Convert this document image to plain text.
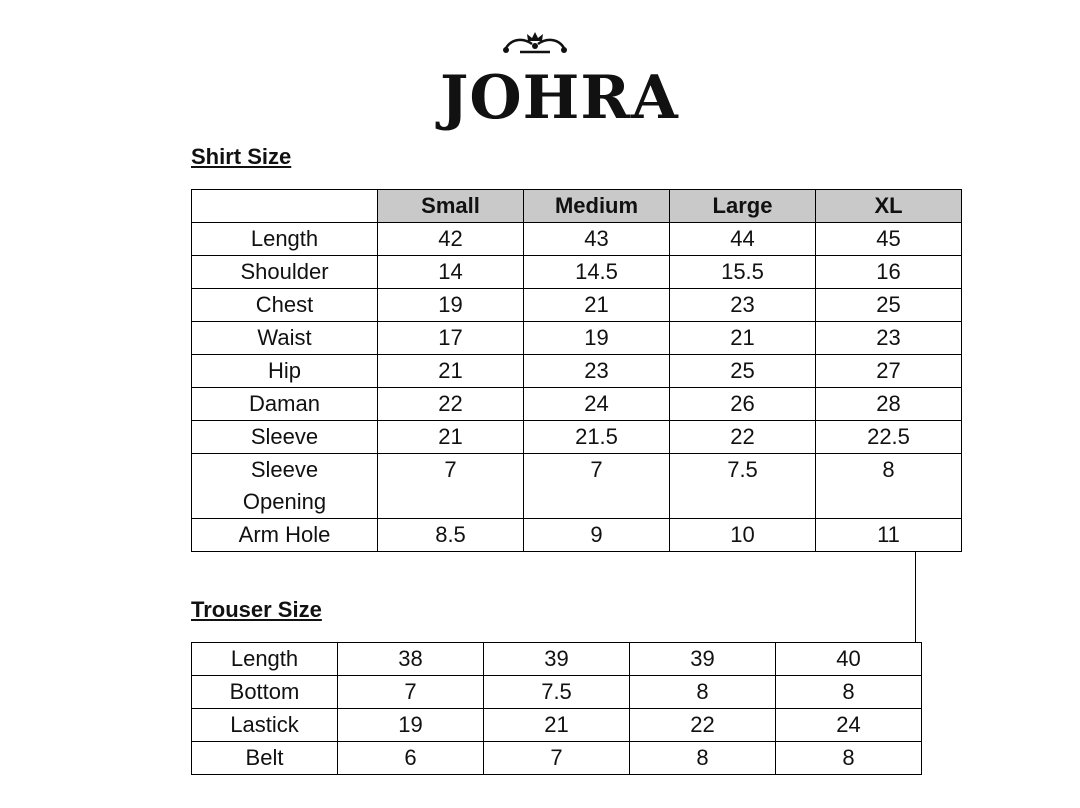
JOHRA
Shirt Size
	Small	Medium	Large	XL
Length	42	43	44	45
Shoulder	14	14.5	15.5	16
Chest	19	21	23	25
Waist	17	19	21	23
Hip	21	23	25	27
Daman	22	24	26	28
Sleeve	21	21.5	22	22.5
Sleeve Opening	7	7	7.5	8
Arm Hole	8.5	9	10	11
Trouser Size
Length	38	39	39	40
Bottom	7	7.5	8	8
Lastick	19	21	22	24
Belt	6	7	8	8
